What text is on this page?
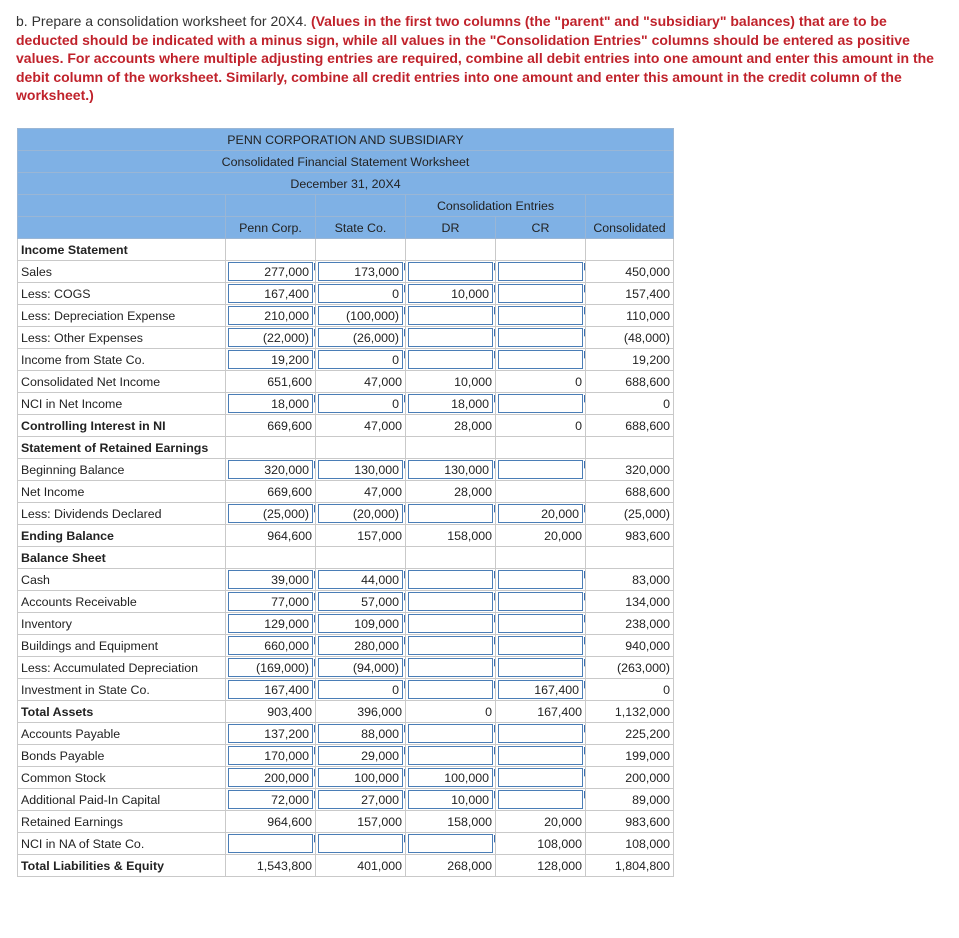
b. Prepare a consolidation worksheet for 20X4. (Values in the first two columns (the "parent" and "subsidiary" balances) that are to be deducted should be indicated with a minus sign, while all values in the "Consolidation Entries" columns should be entered as positive values. For accounts where multiple adjusting entries are required, combine all debit entries into one amount and enter this amount in the debit column of the worksheet. Similarly, combine all credit entries into one amount and enter this amount in the credit column of the worksheet.)
PENN CORPORATION AND SUBSIDIARY					
Consolidated Financial Statement Worksheet					
December 31, 20X4					
			Consolidation Entries		
	Penn Corp.	State Co.	DR	CR	Consolidated
Income Statement					
Sales	277,000	173,000			450,000
Less: COGS	167,400	0	10,000		157,400
Less: Depreciation Expense	210,000	(100,000)			110,000
Less: Other Expenses	(22,000)	(26,000)			(48,000)
Income from State Co.	19,200	0			19,200
Consolidated Net Income	651,600	47,000	10,000	0	688,600
NCI in Net Income	18,000	0	18,000		0
Controlling Interest in NI	669,600	47,000	28,000	0	688,600
Statement of Retained Earnings					
Beginning Balance	320,000	130,000	130,000		320,000
Net Income	669,600	47,000	28,000		688,600
Less: Dividends Declared	(25,000)	(20,000)		20,000	(25,000)
Ending Balance	964,600	157,000	158,000	20,000	983,600
Balance Sheet					
Cash	39,000	44,000			83,000
Accounts Receivable	77,000	57,000			134,000
Inventory	129,000	109,000			238,000
Buildings and Equipment	660,000	280,000			940,000
Less: Accumulated Depreciation	(169,000)	(94,000)			(263,000)
Investment in State Co.	167,400	0		167,400	0
Total Assets	903,400	396,000	0	167,400	1,132,000
Accounts Payable	137,200	88,000			225,200
Bonds Payable	170,000	29,000			199,000
Common Stock	200,000	100,000	100,000		200,000
Additional Paid-In Capital	72,000	27,000	10,000		89,000
Retained Earnings	964,600	157,000	158,000	20,000	983,600
NCI in NA of State Co.				108,000	108,000
Total Liabilities & Equity	1,543,800	401,000	268,000	128,000	1,804,800
